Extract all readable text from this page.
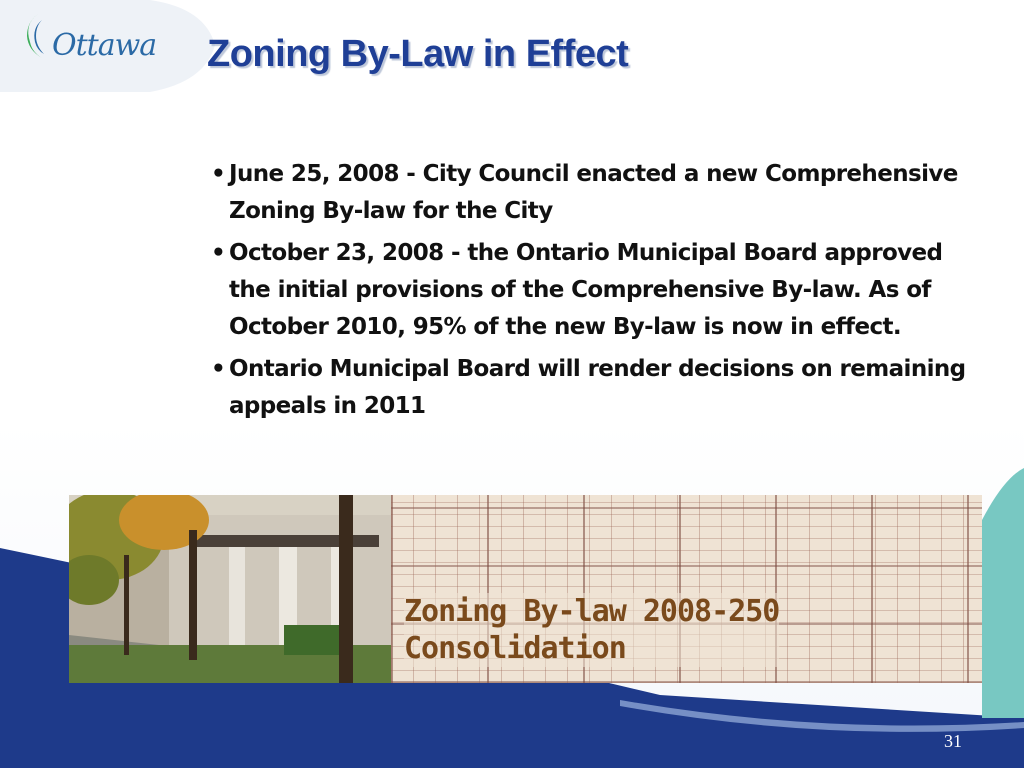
Ottawa Zoning By-Law in Effect
• June 25, 2008 - City Council enacted a new Comprehensive Zoning By-law for the City
• October 23, 2008 - the Ontario Municipal Board approved the initial provisions of the Comprehensive By-law. As of October 2010, 95% of the new By-law is now in effect.
• Ontario Municipal Board will render decisions on remaining appeals in 2011

Zoning By-law 2008-250
Consolidation

31
